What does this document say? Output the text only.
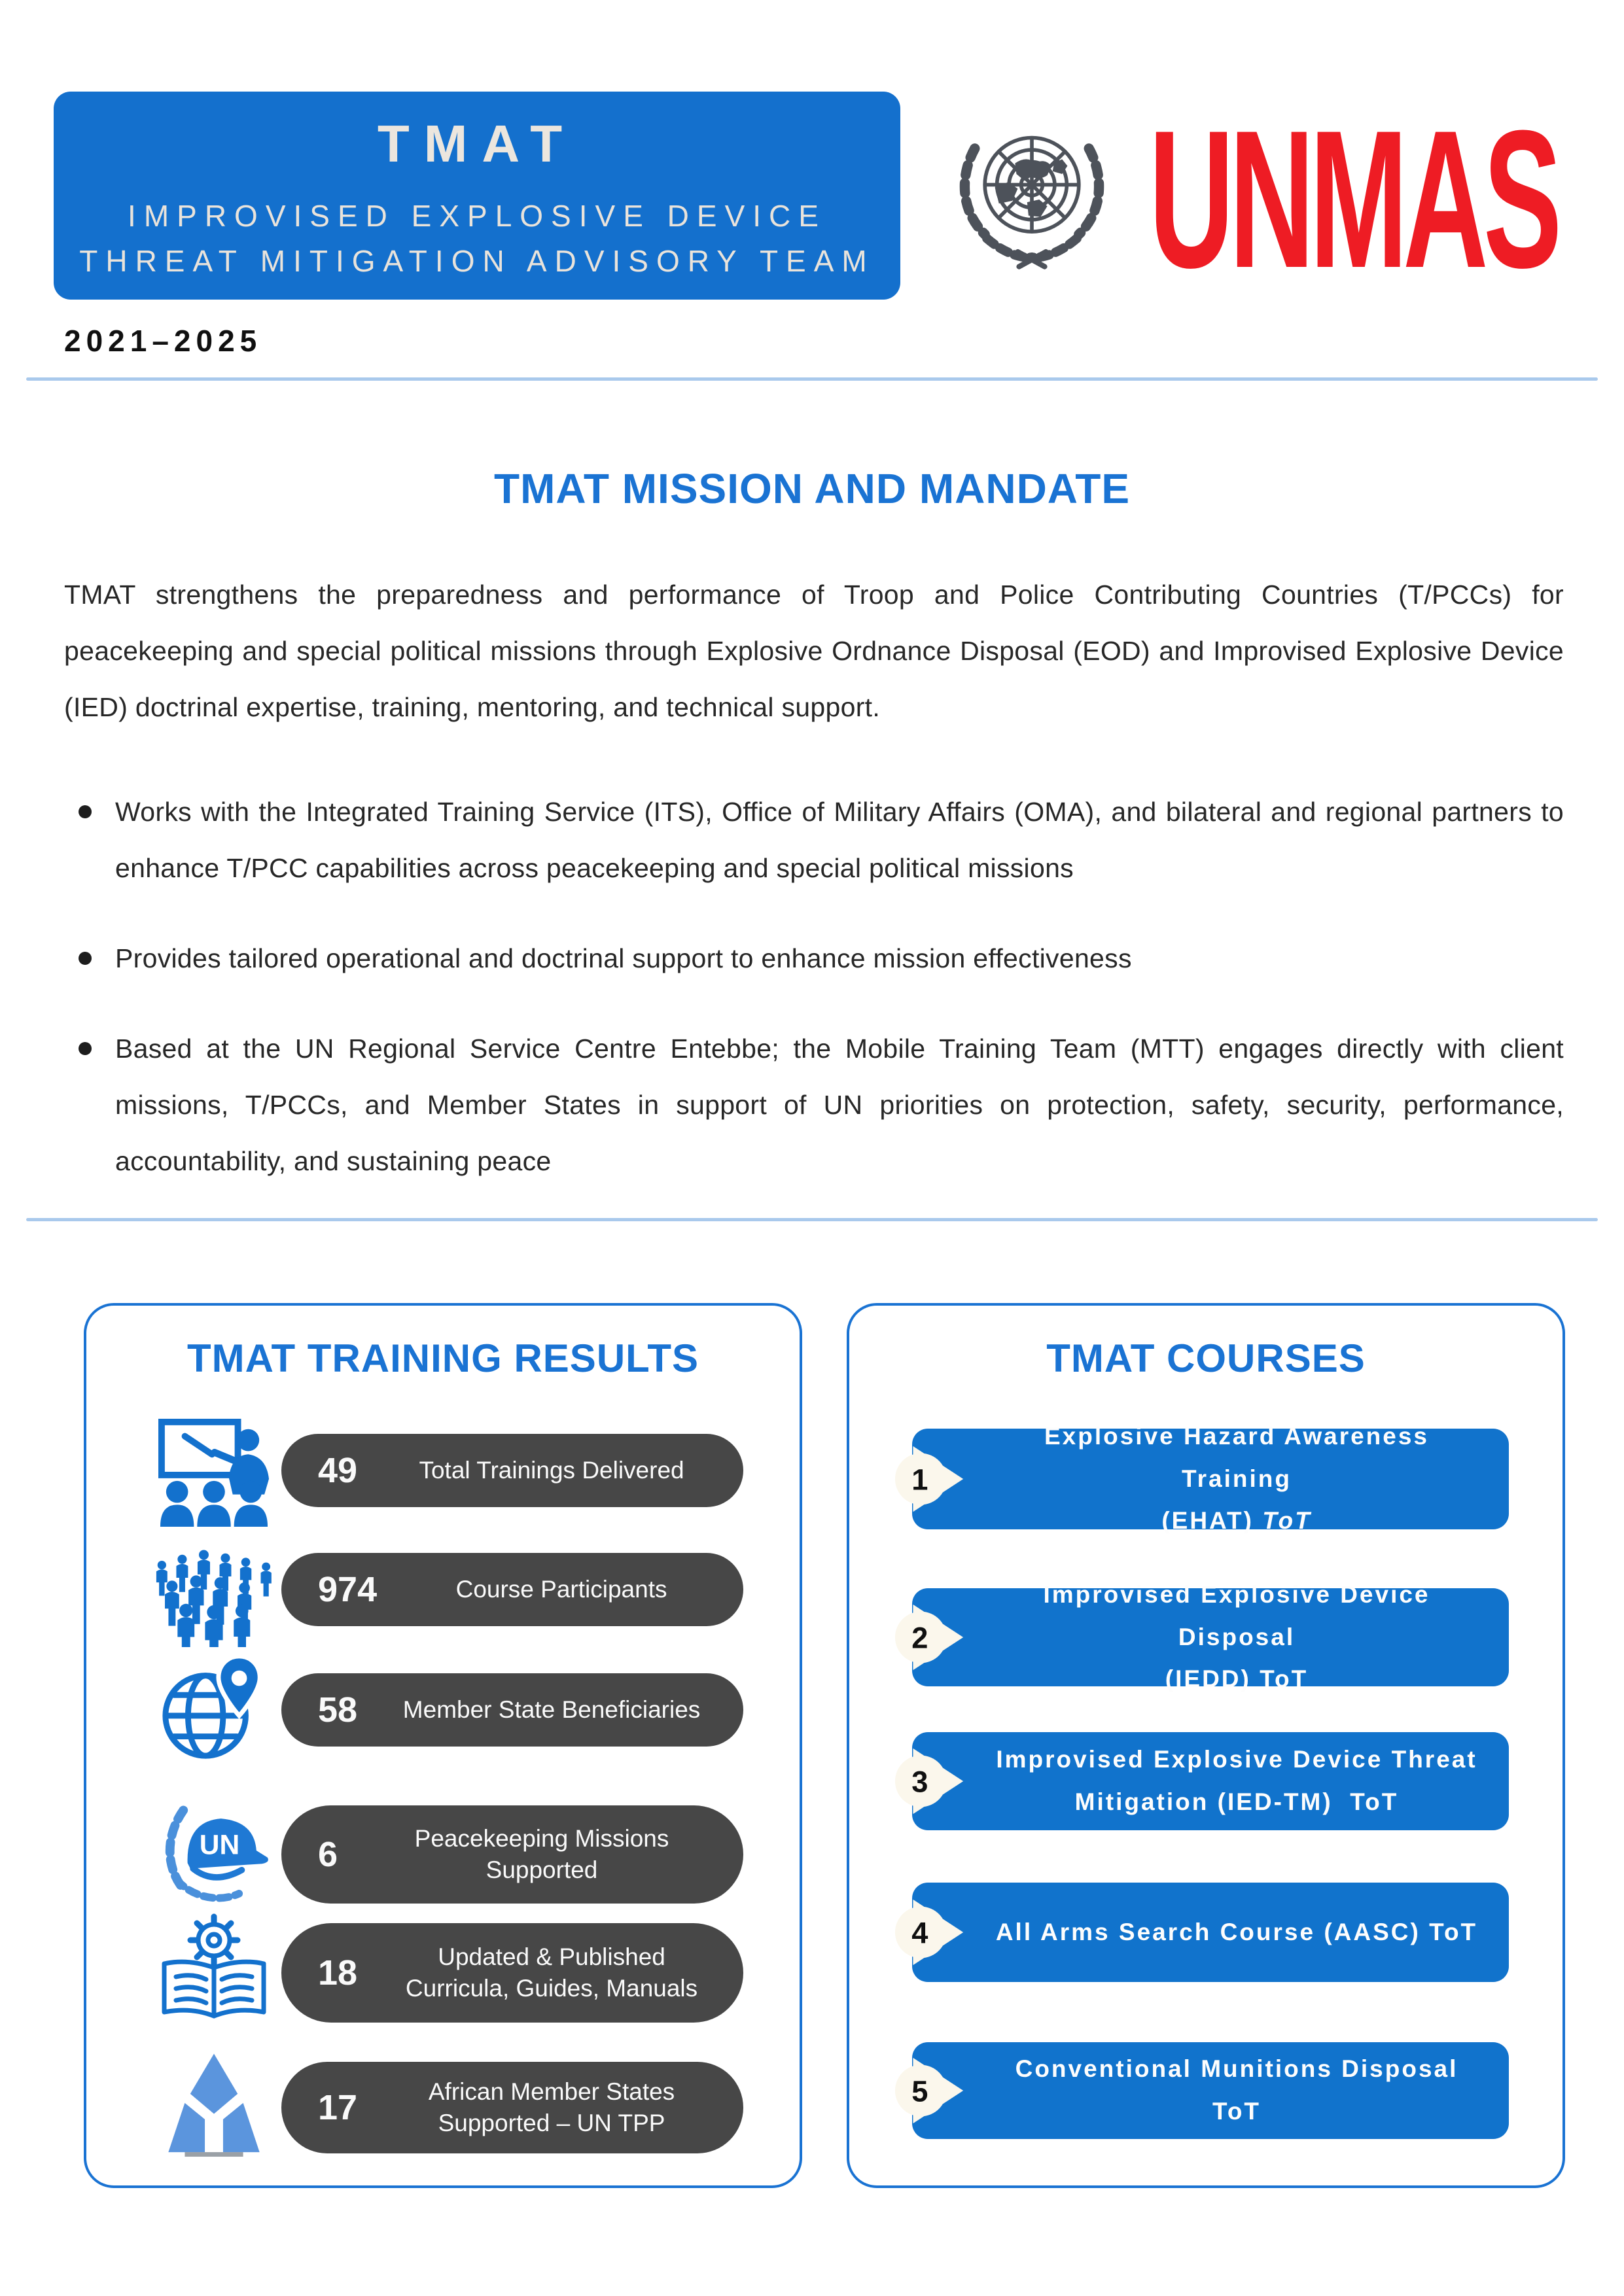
TMAT
IMPROVISED EXPLOSIVE DEVICE
THREAT MITIGATION ADVISORY TEAM UNMAS
2021–2025
TMAT MISSION AND MANDATE
TMAT strengthens the preparedness and performance of Troop and Police Contributing Countries (T/PCCs) for peacekeeping and special political missions through Explosive Ordnance Disposal (EOD) and Improvised Explosive Device (IED) doctrinal expertise, training, mentoring, and technical support.
Works with the Integrated Training Service (ITS), Office of Military Affairs (OMA), and bilateral and regional partners to enhance T/PCC capabilities across peacekeeping and special political missions
Provides tailored operational and doctrinal support to enhance mission effectiveness
Based at the UN Regional Service Centre Entebbe; the Mobile Training Team (MTT) engages directly with client missions, T/PCCs, and Member States in support of UN priorities on protection, safety, security, performance, accountability, and sustaining peace
TMAT TRAINING RESULTS
49	Total Trainings Delivered
974	Course Participants
58	Member State Beneficiaries
UN 6	Peacekeeping Missions
Supported
18	Updated & Published
Curricula, Guides, Manuals
17	African Member States
Supported – UN TPP
TMAT COURSES
1
Explosive Hazard Awareness Training
(EHAT) ToT
2
Improvised Explosive Device Disposal
(IEDD) ToT
3
Improvised Explosive Device Threat
Mitigation (IED-TM)  ToT
4	All Arms Search Course (AASC) ToT
5
Conventional Munitions Disposal ToT
